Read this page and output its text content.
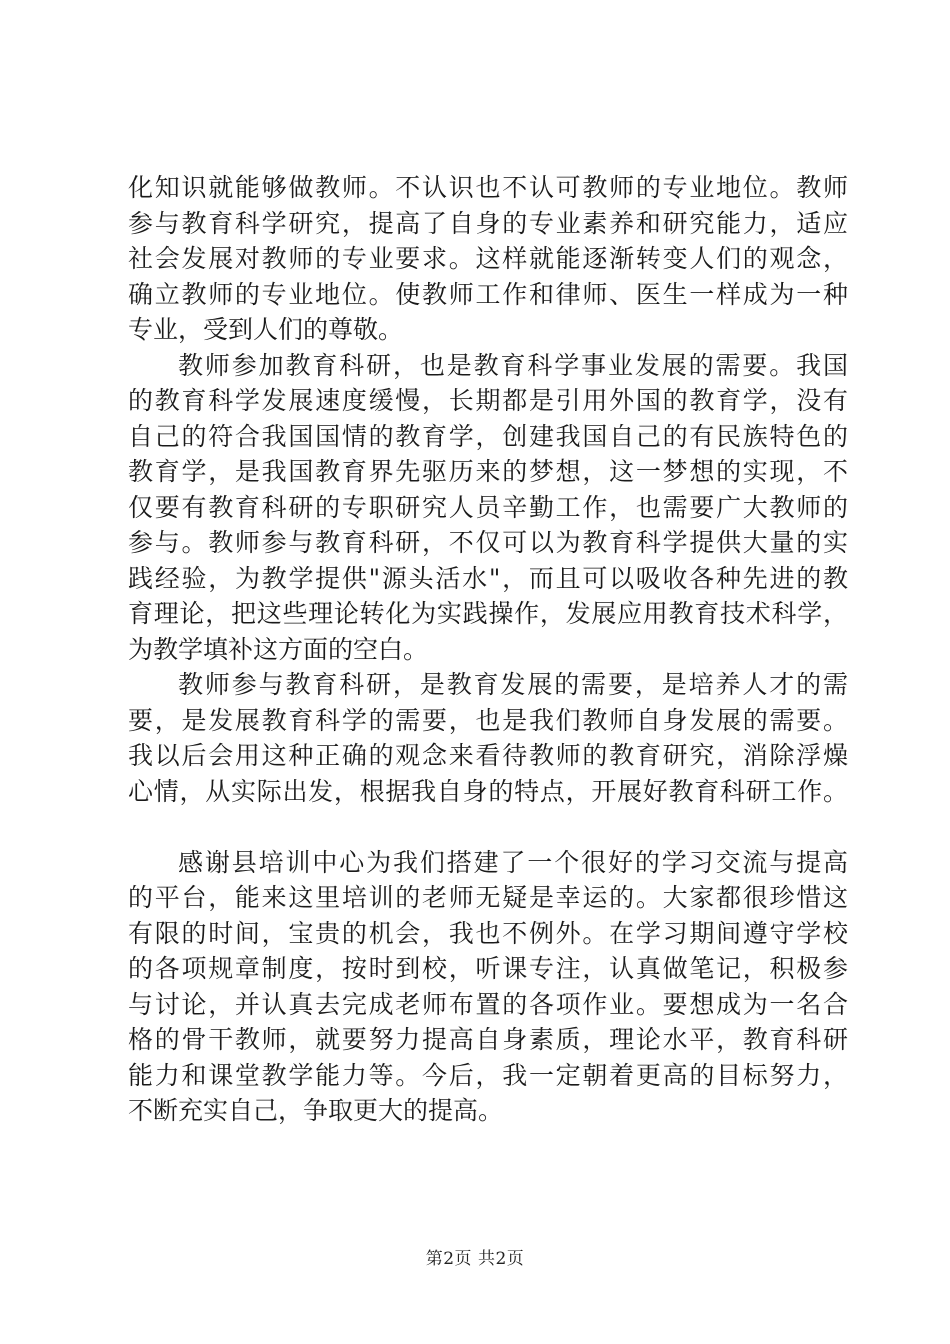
化知识就能够做教师。不认识也不认可教师的专业地位。教师
参与教育科学研究，提高了自身的专业素养和研究能力，适应
社会发展对教师的专业要求。这样就能逐渐转变人们的观念，
确立教师的专业地位。使教师工作和律师、医生一样成为一种
专业，受到人们的尊敬。
教师参加教育科研，也是教育科学事业发展的需要。我国
的教育科学发展速度缓慢，长期都是引用外国的教育学，没有
自己的符合我国国情的教育学，创建我国自己的有民族特色的
教育学，是我国教育界先驱历来的梦想，这一梦想的实现，不
仅要有教育科研的专职研究人员辛勤工作，也需要广大教师的
参与。教师参与教育科研，不仅可以为教育科学提供大量的实
践经验，为教学提供"源头活水"，而且可以吸收各种先进的教
育理论，把这些理论转化为实践操作，发展应用教育技术科学，
为教学填补这方面的空白。
教师参与教育科研，是教育发展的需要，是培养人才的需
要，是发展教育科学的需要，也是我们教师自身发展的需要。
我以后会用这种正确的观念来看待教师的教育研究，消除浮燥
心情，从实际出发，根据我自身的特点，开展好教育科研工作。
感谢县培训中心为我们搭建了一个很好的学习交流与提高
的平台，能来这里培训的老师无疑是幸运的。大家都很珍惜这
有限的时间，宝贵的机会，我也不例外。在学习期间遵守学校
的各项规章制度，按时到校，听课专注，认真做笔记，积极参
与讨论，并认真去完成老师布置的各项作业。要想成为一名合
格的骨干教师，就要努力提高自身素质，理论水平，教育科研
能力和课堂教学能力等。今后，我一定朝着更高的目标努力，
不断充实自己，争取更大的提高。
第2页 共2页
